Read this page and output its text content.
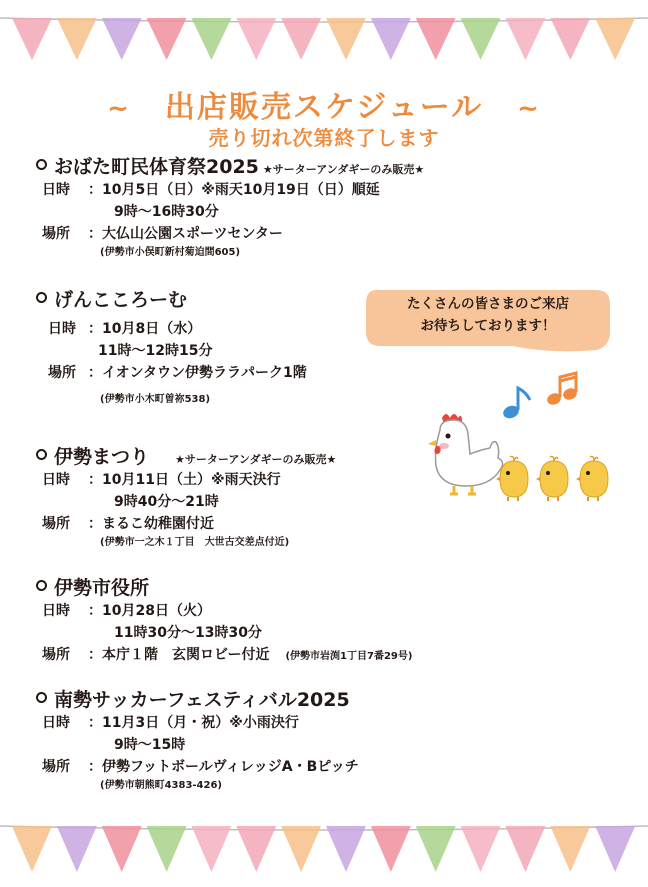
~ 出店販売スケジュール ~
売り切れ次第終了します
おばた町民体育祭2025 ★サーターアンダギーのみ販売★
日時 ：10月5日（日）※雨天10月19日（日）順延
9時～16時30分
場所 ：大仏山公園スポーツセンター
(伊勢市小俣町新村菊迫間605)
げんこころーむ
日時 ：10月8日（水）
11時～12時15分
場所 ：イオンタウン伊勢ララパーク1階
(伊勢市小木町曽祢538)
伊勢まつり ★サーターアンダギーのみ販売★
日時 ：10月11日（土）※雨天決行
9時40分～21時
場所 ：まるこ幼稚園付近
(伊勢市一之木１丁目　大世古交差点付近)
伊勢市役所
日時 ：10月28日（火）
11時30分～13時30分
場所 ：本庁１階　玄関ロビー付近 (伊勢市岩渕1丁目7番29号)
南勢サッカーフェスティバル2025
日時 ：11月3日（月・祝）※小雨決行
9時～15時
場所 ：伊勢フットボールヴィレッジA・Bピッチ
(伊勢市朝熊町4383-426)
たくさんの皆さまのご来店
お待ちしております！
